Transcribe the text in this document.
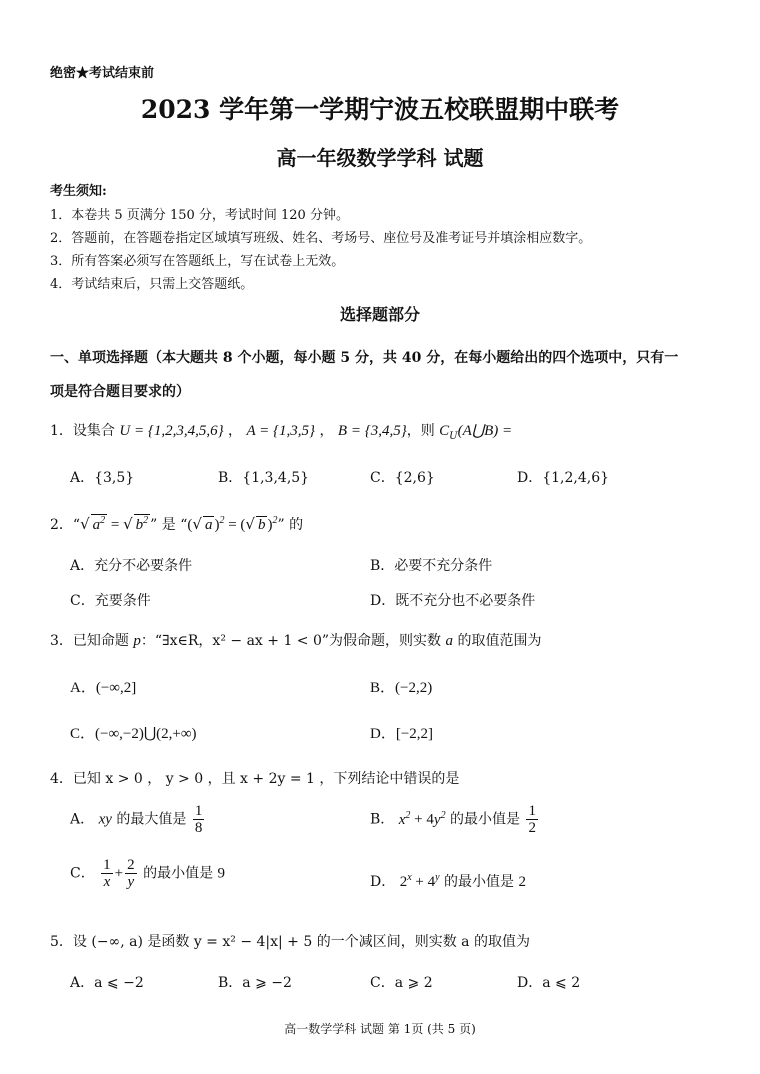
绝密★考试结束前
2023 学年第一学期宁波五校联盟期中联考
高一年级数学学科 试题
考生须知:
1．本卷共 5 页满分 150 分，考试时间 120 分钟。
2．答题前，在答题卷指定区域填写班级、姓名、考场号、座位号及准考证号并填涂相应数字。
3．所有答案必须写在答题纸上，写在试卷上无效。
4．考试结束后，只需上交答题纸。
选择题部分
一、单项选择题（本大题共 8 个小题，每小题 5 分，共 40 分，在每小题给出的四个选项中，只有一
项是符合题目要求的）
1．设集合 U = {1,2,3,4,5,6} ， A = {1,3,5} ， B = {3,4,5}，则 $C_U(A⋃B)$ =
A．{3,5}	B．{1,3,4,5}	C．{2,6}	D．{1,2,4,6}
2．“√ $a^2$ = √ $b^2$ ” 是 “(√ a )$^2$ = (√ b )$^2$” 的
A．充分不必要条件	B．必要不充分条件
C．充要条件	D．既不充分也不必要条件
3．已知命题 p：“∃x∈R，x² − ax + 1 < 0”为假命题，则实数 a 的取值范围为
A．(−∞,2]	B．(−2,2)
C．(−∞,−2)⋃(2,+∞)	D．[−2,2]
4．已知 x > 0 ， y > 0 ，且 x + 2y = 1 ，下列结论中错误的是
A． xy 的最大值是 $\frac{1}{8}$	B． $x^2 + 4y^2$ 的最小值是 $\frac{1}{2}$
C． $\frac{1}{x} + \frac{2}{y}$ 的最小值是 9
D． $2^x + 4^y$ 的最小值是 2
5．设 (−∞, a) 是函数 y = x² − 4|x| + 5 的一个减区间，则实数 a 的取值为
A．a ⩽ −2	B．a ⩾ −2	C．a ⩾ 2	D．a ⩽ 2
高一数学学科 试题 第 1页 (共 5 页)
